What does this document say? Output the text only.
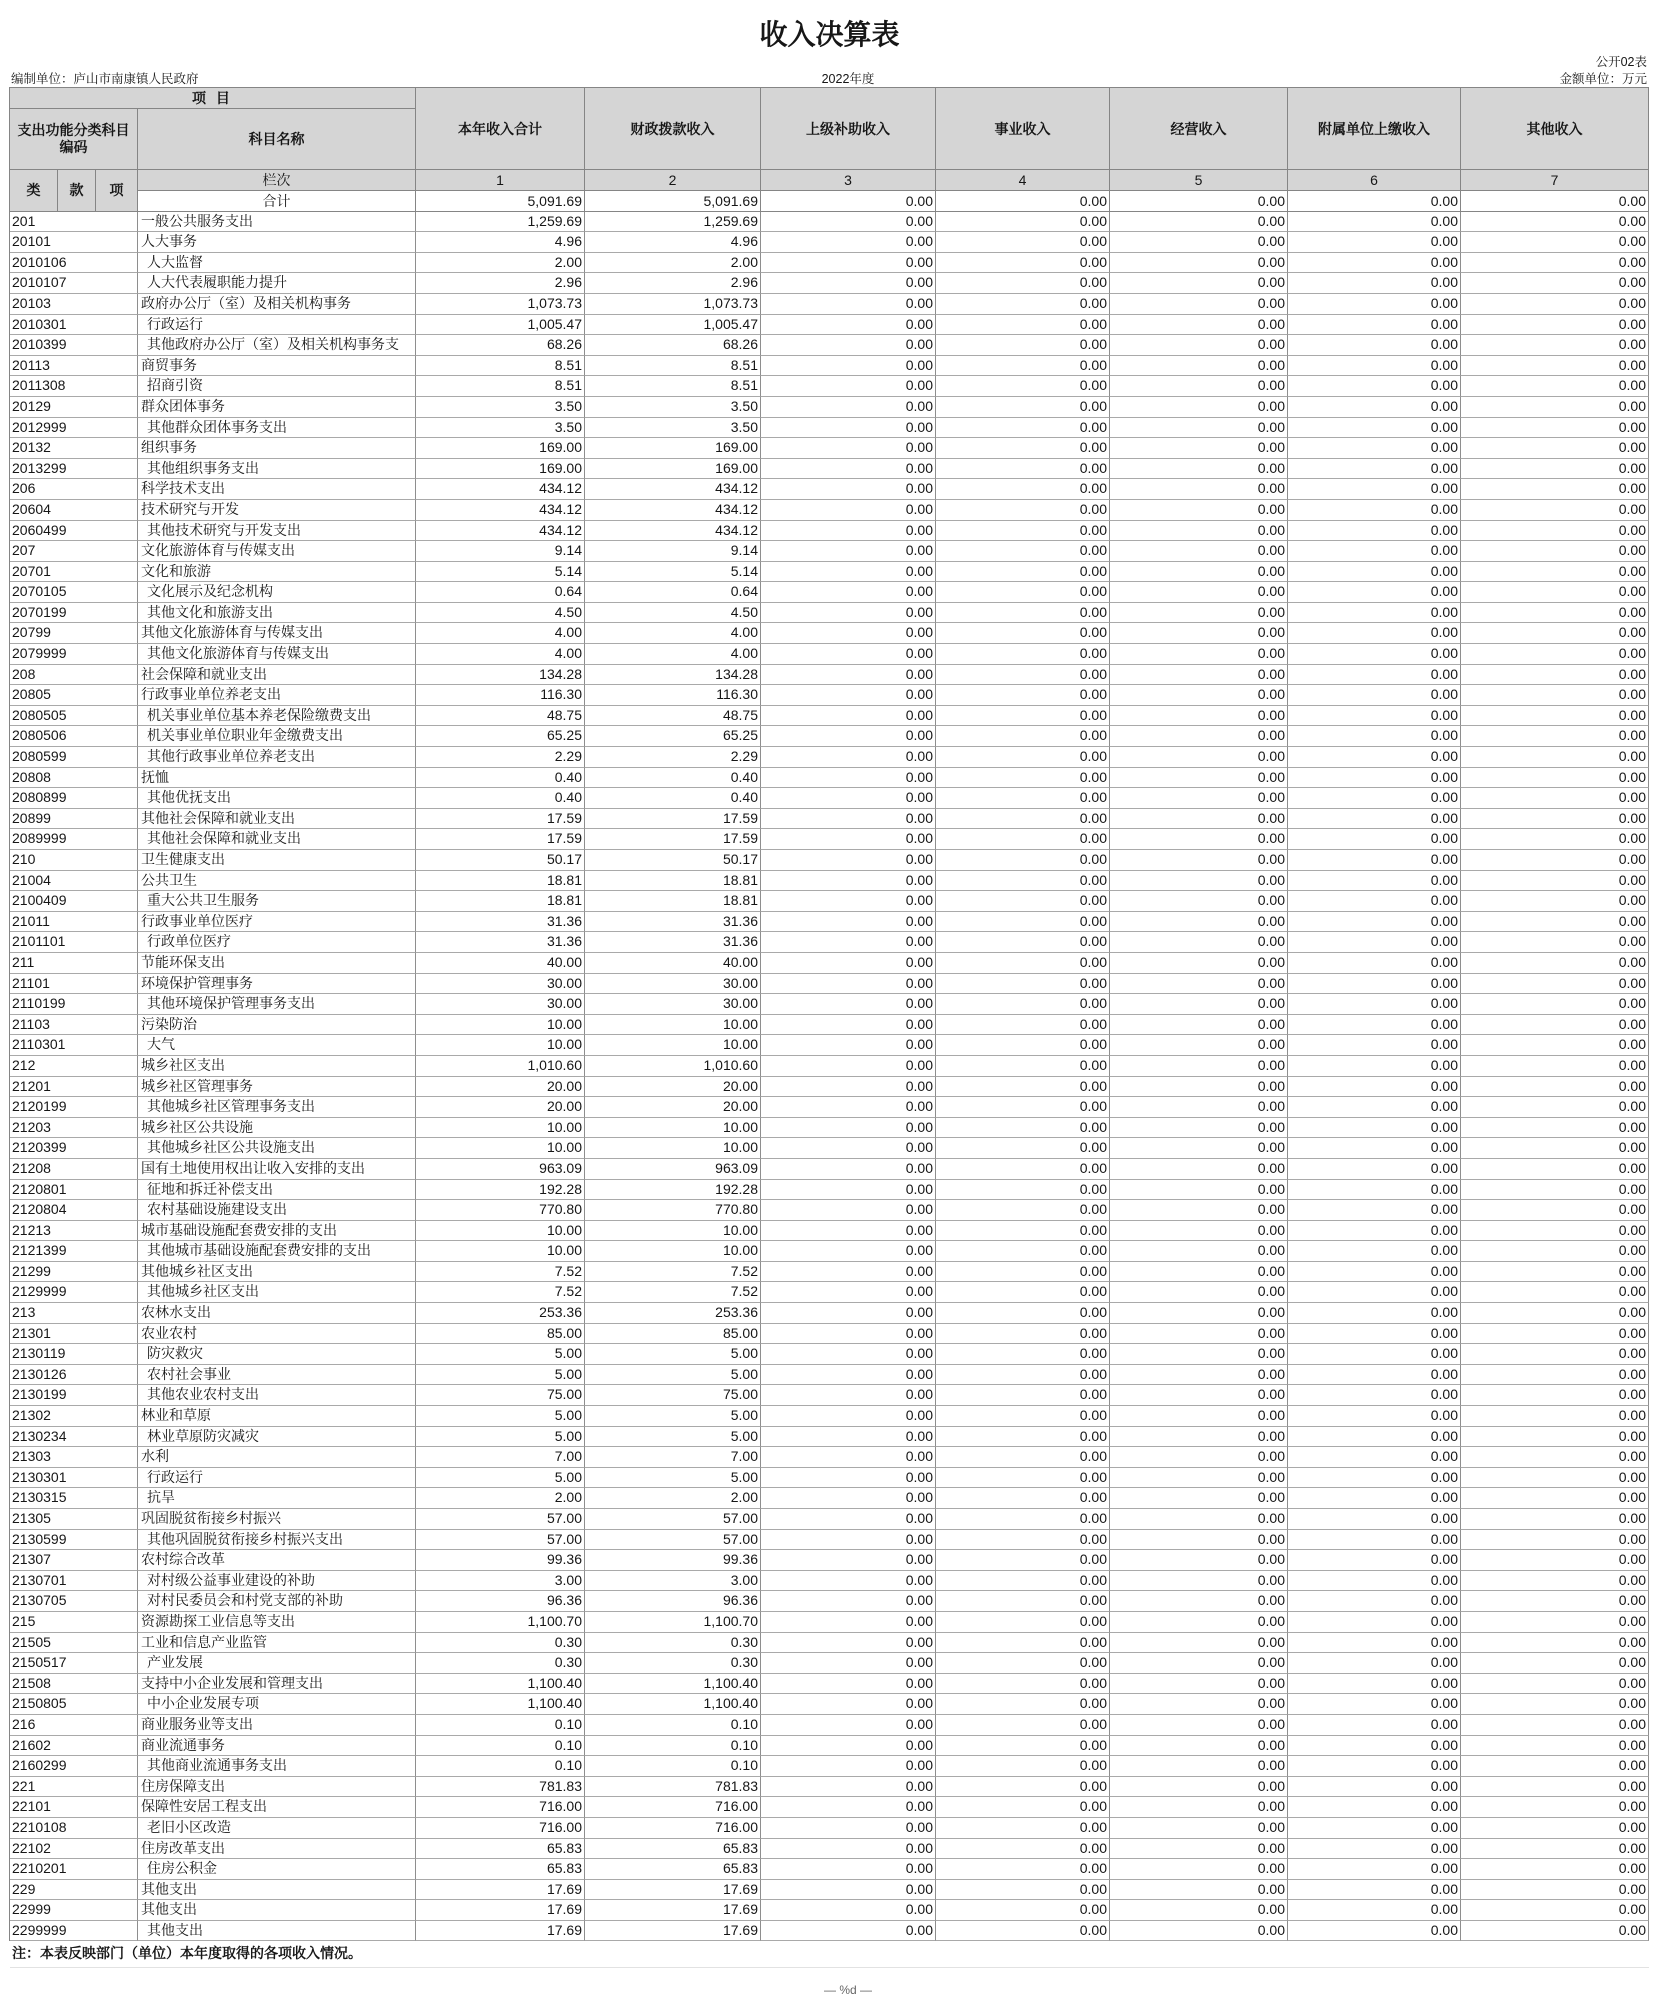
收入决算表
公开02表
编制单位：庐山市南康镇人民政府	2022年度	金额单位：万元
项 目
支出功能分类科目编码	科目名称
栏次
类	款	项
合计
本年收入合计	财政拨款收入	上级补助收入	事业收入	经营收入	附属单位上缴收入	其他收入
1	2	3	4	5	6	7
5,091.69	5,091.69	0.00	0.00	0.00	0.00	0.00
201	一般公共服务支出	1,259.69	1,259.69	0.00	0.00	0.00	0.00	0.00
20101	人大事务	4.96	4.96	0.00	0.00	0.00	0.00	0.00
2010106	人大监督	2.00	2.00	0.00	0.00	0.00	0.00	0.00
2010107	人大代表履职能力提升	2.96	2.96	0.00	0.00	0.00	0.00	0.00
20103	政府办公厅（室）及相关机构事务	1,073.73	1,073.73	0.00	0.00	0.00	0.00	0.00
2010301	行政运行	1,005.47	1,005.47	0.00	0.00	0.00	0.00	0.00
2010399	其他政府办公厅（室）及相关机构事务支	68.26	68.26	0.00	0.00	0.00	0.00	0.00
20113	商贸事务	8.51	8.51	0.00	0.00	0.00	0.00	0.00
2011308	招商引资	8.51	8.51	0.00	0.00	0.00	0.00	0.00
20129	群众团体事务	3.50	3.50	0.00	0.00	0.00	0.00	0.00
2012999	其他群众团体事务支出	3.50	3.50	0.00	0.00	0.00	0.00	0.00
20132	组织事务	169.00	169.00	0.00	0.00	0.00	0.00	0.00
2013299	其他组织事务支出	169.00	169.00	0.00	0.00	0.00	0.00	0.00
206	科学技术支出	434.12	434.12	0.00	0.00	0.00	0.00	0.00
20604	技术研究与开发	434.12	434.12	0.00	0.00	0.00	0.00	0.00
2060499	其他技术研究与开发支出	434.12	434.12	0.00	0.00	0.00	0.00	0.00
207	文化旅游体育与传媒支出	9.14	9.14	0.00	0.00	0.00	0.00	0.00
20701	文化和旅游	5.14	5.14	0.00	0.00	0.00	0.00	0.00
2070105	文化展示及纪念机构	0.64	0.64	0.00	0.00	0.00	0.00	0.00
2070199	其他文化和旅游支出	4.50	4.50	0.00	0.00	0.00	0.00	0.00
20799	其他文化旅游体育与传媒支出	4.00	4.00	0.00	0.00	0.00	0.00	0.00
2079999	其他文化旅游体育与传媒支出	4.00	4.00	0.00	0.00	0.00	0.00	0.00
208	社会保障和就业支出	134.28	134.28	0.00	0.00	0.00	0.00	0.00
20805	行政事业单位养老支出	116.30	116.30	0.00	0.00	0.00	0.00	0.00
2080505	机关事业单位基本养老保险缴费支出	48.75	48.75	0.00	0.00	0.00	0.00	0.00
2080506	机关事业单位职业年金缴费支出	65.25	65.25	0.00	0.00	0.00	0.00	0.00
2080599	其他行政事业单位养老支出	2.29	2.29	0.00	0.00	0.00	0.00	0.00
20808	抚恤	0.40	0.40	0.00	0.00	0.00	0.00	0.00
2080899	其他优抚支出	0.40	0.40	0.00	0.00	0.00	0.00	0.00
20899	其他社会保障和就业支出	17.59	17.59	0.00	0.00	0.00	0.00	0.00
2089999	其他社会保障和就业支出	17.59	17.59	0.00	0.00	0.00	0.00	0.00
210	卫生健康支出	50.17	50.17	0.00	0.00	0.00	0.00	0.00
21004	公共卫生	18.81	18.81	0.00	0.00	0.00	0.00	0.00
2100409	重大公共卫生服务	18.81	18.81	0.00	0.00	0.00	0.00	0.00
21011	行政事业单位医疗	31.36	31.36	0.00	0.00	0.00	0.00	0.00
2101101	行政单位医疗	31.36	31.36	0.00	0.00	0.00	0.00	0.00
211	节能环保支出	40.00	40.00	0.00	0.00	0.00	0.00	0.00
21101	环境保护管理事务	30.00	30.00	0.00	0.00	0.00	0.00	0.00
2110199	其他环境保护管理事务支出	30.00	30.00	0.00	0.00	0.00	0.00	0.00
21103	污染防治	10.00	10.00	0.00	0.00	0.00	0.00	0.00
2110301	大气	10.00	10.00	0.00	0.00	0.00	0.00	0.00
212	城乡社区支出	1,010.60	1,010.60	0.00	0.00	0.00	0.00	0.00
21201	城乡社区管理事务	20.00	20.00	0.00	0.00	0.00	0.00	0.00
2120199	其他城乡社区管理事务支出	20.00	20.00	0.00	0.00	0.00	0.00	0.00
21203	城乡社区公共设施	10.00	10.00	0.00	0.00	0.00	0.00	0.00
2120399	其他城乡社区公共设施支出	10.00	10.00	0.00	0.00	0.00	0.00	0.00
21208	国有土地使用权出让收入安排的支出	963.09	963.09	0.00	0.00	0.00	0.00	0.00
2120801	征地和拆迁补偿支出	192.28	192.28	0.00	0.00	0.00	0.00	0.00
2120804	农村基础设施建设支出	770.80	770.80	0.00	0.00	0.00	0.00	0.00
21213	城市基础设施配套费安排的支出	10.00	10.00	0.00	0.00	0.00	0.00	0.00
2121399	其他城市基础设施配套费安排的支出	10.00	10.00	0.00	0.00	0.00	0.00	0.00
21299	其他城乡社区支出	7.52	7.52	0.00	0.00	0.00	0.00	0.00
2129999	其他城乡社区支出	7.52	7.52	0.00	0.00	0.00	0.00	0.00
213	农林水支出	253.36	253.36	0.00	0.00	0.00	0.00	0.00
21301	农业农村	85.00	85.00	0.00	0.00	0.00	0.00	0.00
2130119	防灾救灾	5.00	5.00	0.00	0.00	0.00	0.00	0.00
2130126	农村社会事业	5.00	5.00	0.00	0.00	0.00	0.00	0.00
2130199	其他农业农村支出	75.00	75.00	0.00	0.00	0.00	0.00	0.00
21302	林业和草原	5.00	5.00	0.00	0.00	0.00	0.00	0.00
2130234	林业草原防灾减灾	5.00	5.00	0.00	0.00	0.00	0.00	0.00
21303	水利	7.00	7.00	0.00	0.00	0.00	0.00	0.00
2130301	行政运行	5.00	5.00	0.00	0.00	0.00	0.00	0.00
2130315	抗旱	2.00	2.00	0.00	0.00	0.00	0.00	0.00
21305	巩固脱贫衔接乡村振兴	57.00	57.00	0.00	0.00	0.00	0.00	0.00
2130599	其他巩固脱贫衔接乡村振兴支出	57.00	57.00	0.00	0.00	0.00	0.00	0.00
21307	农村综合改革	99.36	99.36	0.00	0.00	0.00	0.00	0.00
2130701	对村级公益事业建设的补助	3.00	3.00	0.00	0.00	0.00	0.00	0.00
2130705	对村民委员会和村党支部的补助	96.36	96.36	0.00	0.00	0.00	0.00	0.00
215	资源勘探工业信息等支出	1,100.70	1,100.70	0.00	0.00	0.00	0.00	0.00
21505	工业和信息产业监管	0.30	0.30	0.00	0.00	0.00	0.00	0.00
2150517	产业发展	0.30	0.30	0.00	0.00	0.00	0.00	0.00
21508	支持中小企业发展和管理支出	1,100.40	1,100.40	0.00	0.00	0.00	0.00	0.00
2150805	中小企业发展专项	1,100.40	1,100.40	0.00	0.00	0.00	0.00	0.00
216	商业服务业等支出	0.10	0.10	0.00	0.00	0.00	0.00	0.00
21602	商业流通事务	0.10	0.10	0.00	0.00	0.00	0.00	0.00
2160299	其他商业流通事务支出	0.10	0.10	0.00	0.00	0.00	0.00	0.00
221	住房保障支出	781.83	781.83	0.00	0.00	0.00	0.00	0.00
22101	保障性安居工程支出	716.00	716.00	0.00	0.00	0.00	0.00	0.00
2210108	老旧小区改造	716.00	716.00	0.00	0.00	0.00	0.00	0.00
22102	住房改革支出	65.83	65.83	0.00	0.00	0.00	0.00	0.00
2210201	住房公积金	65.83	65.83	0.00	0.00	0.00	0.00	0.00
229	其他支出	17.69	17.69	0.00	0.00	0.00	0.00	0.00
22999	其他支出	17.69	17.69	0.00	0.00	0.00	0.00	0.00
2299999	其他支出	17.69	17.69	0.00	0.00	0.00	0.00	0.00
注：本表反映部门（单位）本年度取得的各项收入情况。
— %d —
